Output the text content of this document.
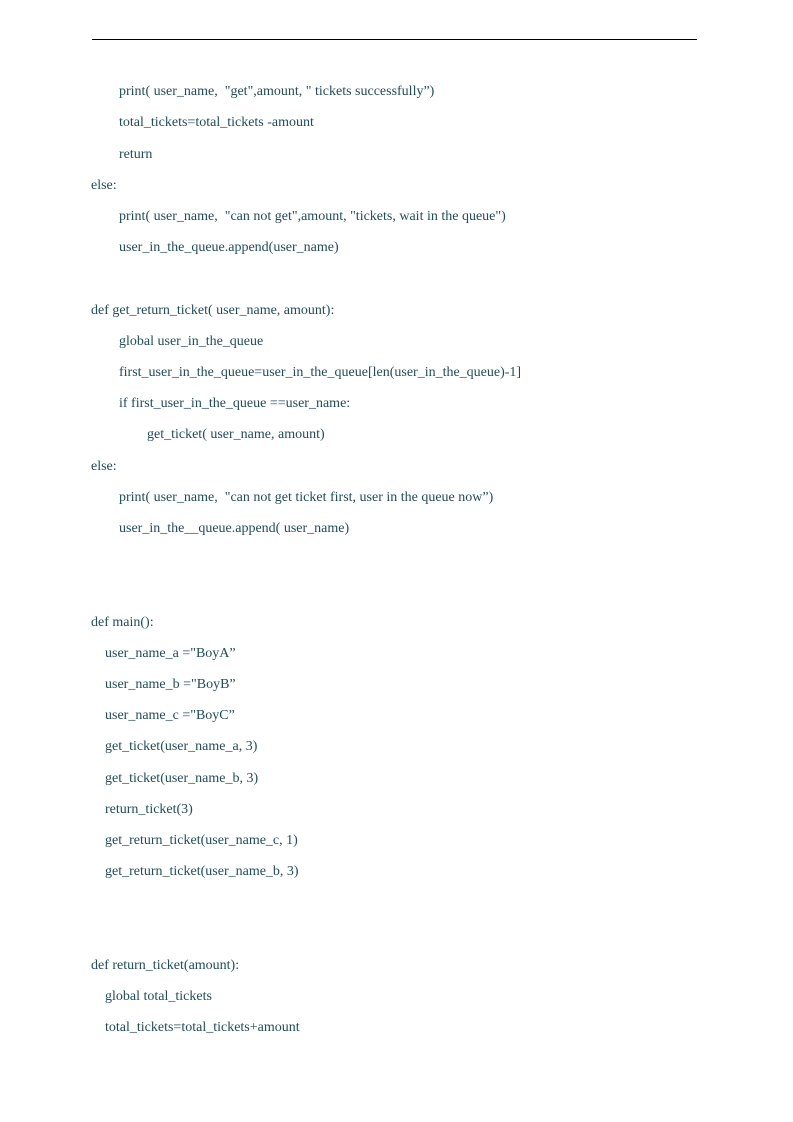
print( user_name,  "get",amount, " tickets successfully”)
total_tickets=total_tickets -amount
return
else:
print( user_name,  "can not get",amount, "tickets, wait in the queue")
user_in_the_queue.append(user_name)
def get_return_ticket( user_name, amount):
global user_in_the_queue
first_user_in_the_queue=user_in_the_queue[len(user_in_the_queue)-1]
if first_user_in_the_queue ==user_name:
get_ticket( user_name, amount)
else:
print( user_name,  "can not get ticket first, user in the queue now”)
user_in_the__queue.append( user_name)
def main():
user_name_a ="BoyA”
user_name_b ="BoyB”
user_name_c ="BoyC”
get_ticket(user_name_a, 3)
get_ticket(user_name_b, 3)
return_ticket(3)
get_return_ticket(user_name_c, 1)
get_return_ticket(user_name_b, 3)
def return_ticket(amount):
global total_tickets
total_tickets=total_tickets+amount
